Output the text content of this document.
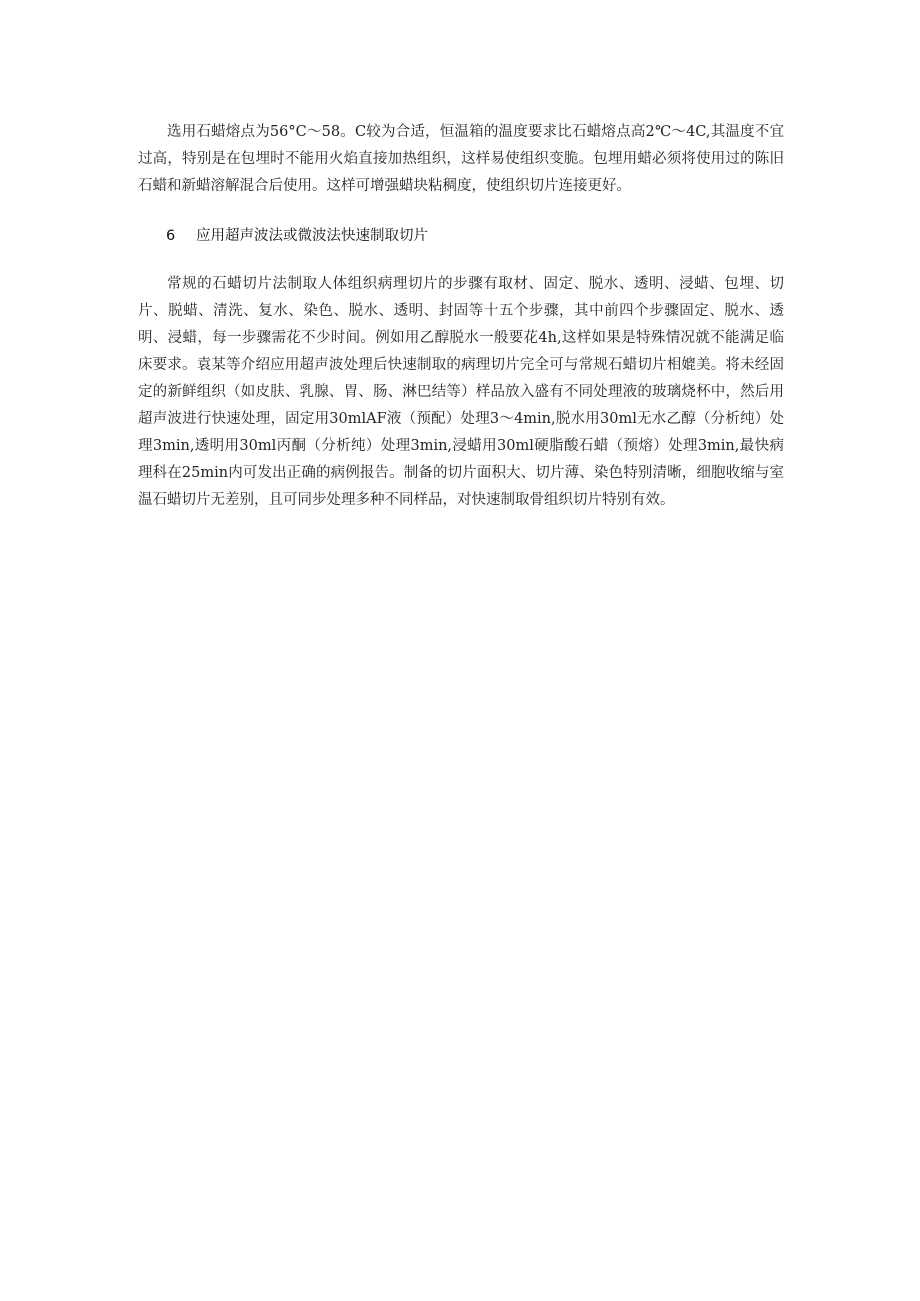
选用石蜡熔点为56°C～58。C较为合适，恒温箱的温度要求比石蜡熔点高2℃～4C,其温度不宜过高，特别是在包埋时不能用火焰直接加热组织，这样易使组织变脆。包埋用蜡必须将使用过的陈旧石蜡和新蜡溶解混合后使用。这样可增强蜡块粘稠度，使组织切片连接更好。

6 应用超声波法或微波法快速制取切片

常规的石蜡切片法制取人体组织病理切片的步骤有取材、固定、脱水、透明、浸蜡、包埋、切片、脱蜡、清洗、复水、染色、脱水、透明、封固等十五个步骤，其中前四个步骤固定、脱水、透明、浸蜡，每一步骤需花不少时间。例如用乙醇脱水一般要花4h,这样如果是特殊情况就不能满足临床要求。袁某等介绍应用超声波处理后快速制取的病理切片完全可与常规石蜡切片相媲美。将未经固定的新鲜组织（如皮肤、乳腺、胃、肠、淋巴结等）样品放入盛有不同处理液的玻璃烧杯中，然后用超声波进行快速处理，固定用30mlAF液（预配）处理3～4min,脱水用30ml无水乙醇（分析纯）处理3min,透明用30ml丙酮（分析纯）处理3min,浸蜡用30ml硬脂酸石蜡（预熔）处理3min,最快病理科在25min内可发出正确的病例报告。制备的切片面积大、切片薄、染色特别清晰，细胞收缩与室温石蜡切片无差别，且可同步处理多种不同样品，对快速制取骨组织切片特别有效。
